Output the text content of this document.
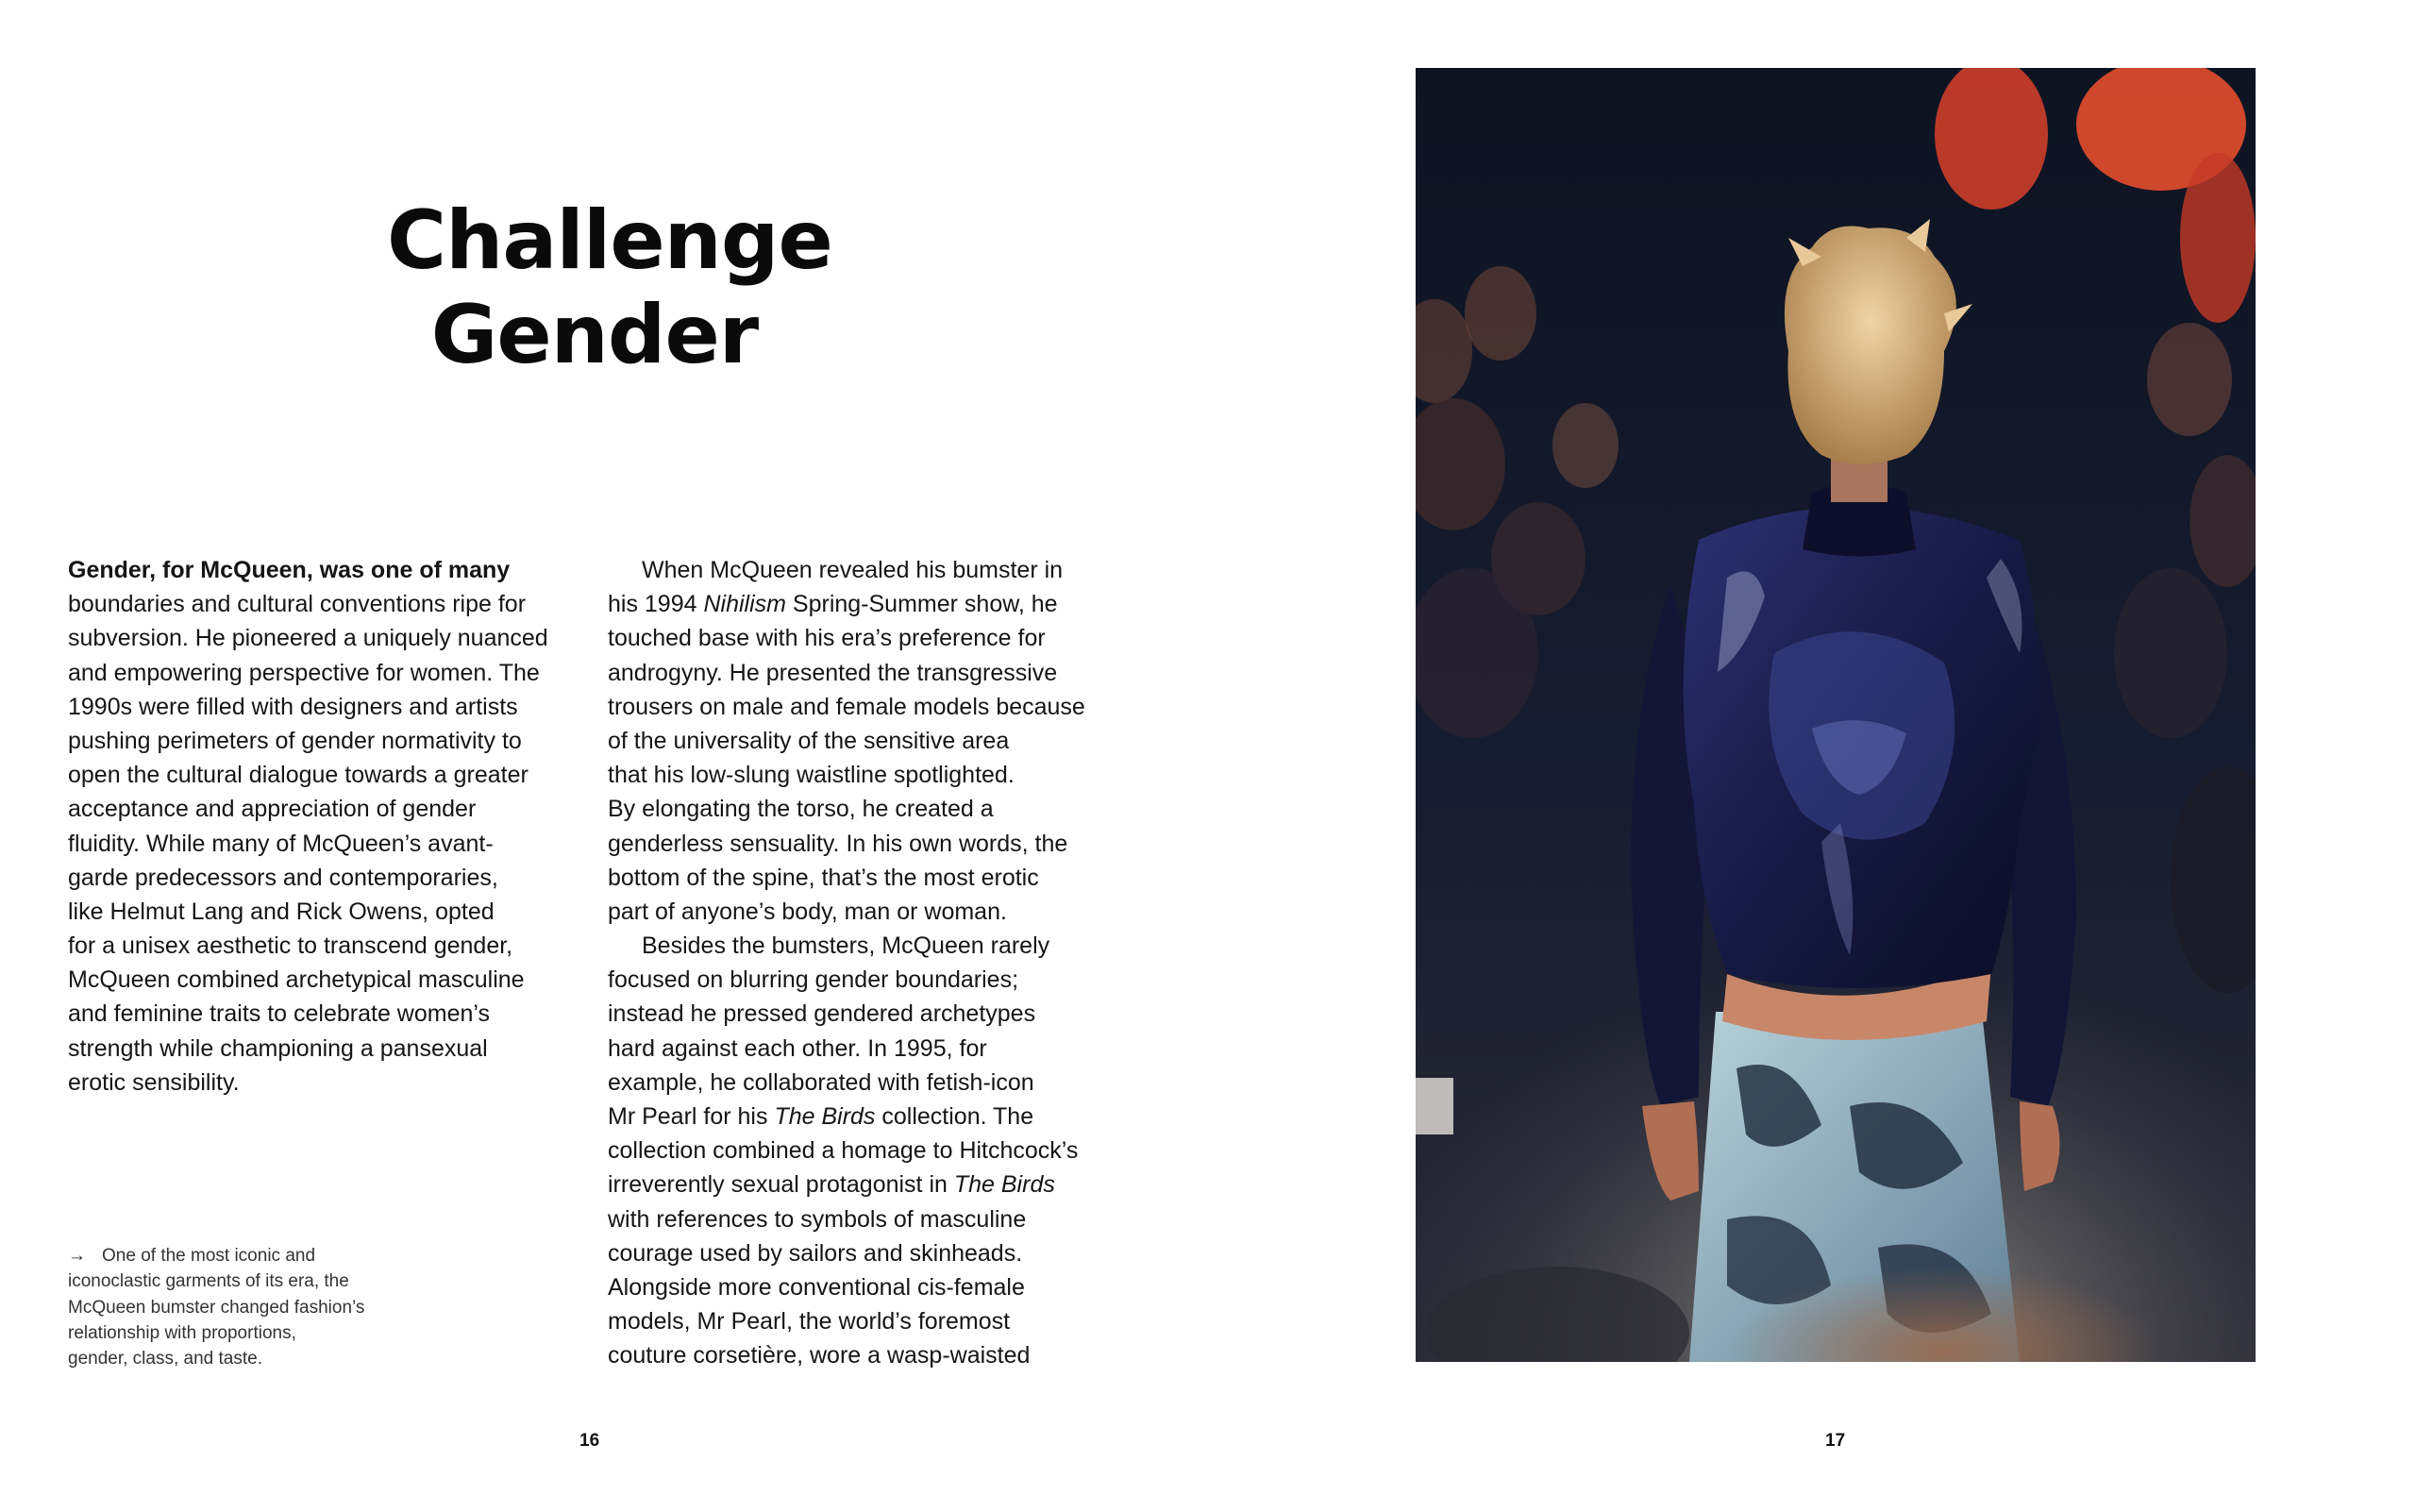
Challenge
Gender
Gender, for McQueen, was one of many
boundaries and cultural conventions ripe for
subversion. He pioneered a uniquely nuanced
and empowering perspective for women. The
1990s were filled with designers and artists
pushing perimeters of gender normativity to
open the cultural dialogue towards a greater
acceptance and appreciation of gender
fluidity. While many of McQueen’s avant-
garde predecessors and contemporaries,
like Helmut Lang and Rick Owens, opted
for a unisex aesthetic to transcend gender,
McQueen combined archetypical masculine
and feminine traits to celebrate women’s
strength while championing a pansexual
erotic sensibility.
When McQueen revealed his bumster in
his 1994 Nihilism Spring-Summer show, he
touched base with his era’s preference for
androgyny. He presented the transgressive
trousers on male and female models because
of the universality of the sensitive area
that his low-slung waistline spotlighted.
By elongating the torso, he created a
genderless sensuality. In his own words, the
bottom of the spine, that’s the most erotic
part of anyone’s body, man or woman.
Besides the bumsters, McQueen rarely
focused on blurring gender boundaries;
instead he pressed gendered archetypes
hard against each other. In 1995, for
example, he collaborated with fetish-icon
Mr Pearl for his The Birds collection. The
collection combined a homage to Hitchcock’s
irreverently sexual protagonist in The Birds
with references to symbols of masculine
courage used by sailors and skinheads.
Alongside more conventional cis-female
models, Mr Pearl, the world’s foremost
couture corsetière, wore a wasp-waisted
→ One of the most iconic and
iconoclastic garments of its era, the
McQueen bumster changed fashion’s
relationship with proportions,
gender, class, and taste.
16	17
